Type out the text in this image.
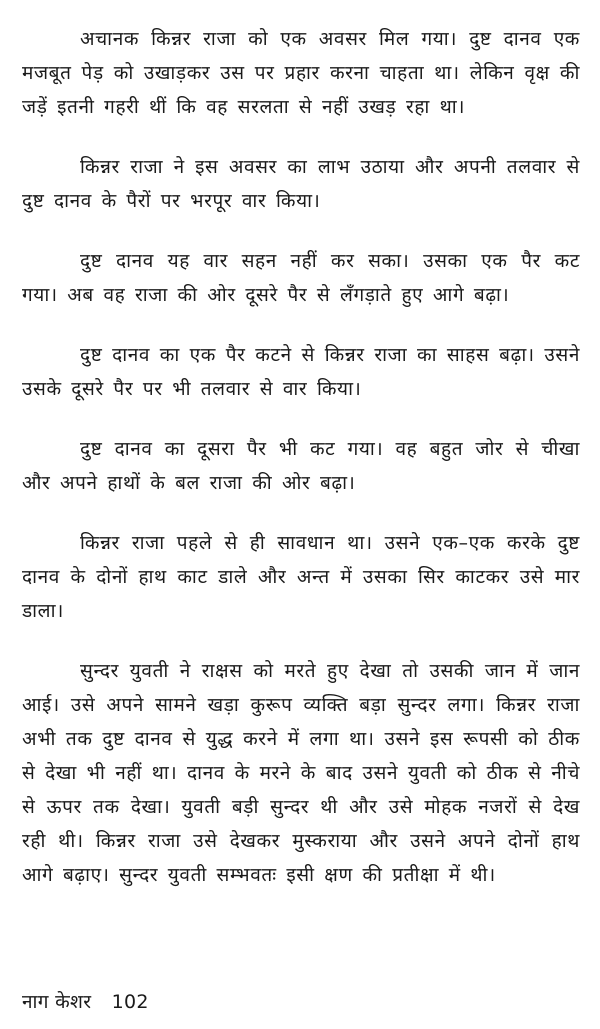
अचानक किन्नर राजा को एक अवसर मिल गया। दुष्ट दानव एक मजबूत पेड़ को उखाड़कर उस पर प्रहार करना चाहता था। लेकिन वृक्ष की जड़ें इतनी गहरी थीं कि वह सरलता से नहीं उखड़ रहा था।

किन्नर राजा ने इस अवसर का लाभ उठाया और अपनी तलवार से दुष्ट दानव के पैरों पर भरपूर वार किया।

दुष्ट दानव यह वार सहन नहीं कर सका। उसका एक पैर कट गया। अब वह राजा की ओर दूसरे पैर से लँगड़ाते हुए आगे बढ़ा।

दुष्ट दानव का एक पैर कटने से किन्नर राजा का साहस बढ़ा। उसने उसके दूसरे पैर पर भी तलवार से वार किया।

दुष्ट दानव का दूसरा पैर भी कट गया। वह बहुत जोर से चीखा और अपने हाथों के बल राजा की ओर बढ़ा।

किन्नर राजा पहले से ही सावधान था। उसने एक–एक करके दुष्ट दानव के दोनों हाथ काट डाले और अन्त में उसका सिर काटकर उसे मार डाला।

सुन्दर युवती ने राक्षस को मरते हुए देखा तो उसकी जान में जान आई। उसे अपने सामने खड़ा कुरूप व्यक्ति बड़ा सुन्दर लगा। किन्नर राजा अभी तक दुष्ट दानव से युद्ध करने में लगा था। उसने इस रूपसी को ठीक से देखा भी नहीं था। दानव के मरने के बाद उसने युवती को ठीक से नीचे से ऊपर तक देखा। युवती बड़ी सुन्दर थी और उसे मोहक नजरों से देख रही थी। किन्नर राजा उसे देखकर मुस्कराया और उसने अपने दोनों हाथ आगे बढ़ाए। सुन्दर युवती सम्भवतः इसी क्षण की प्रतीक्षा में थी।

नाग केशर 102
